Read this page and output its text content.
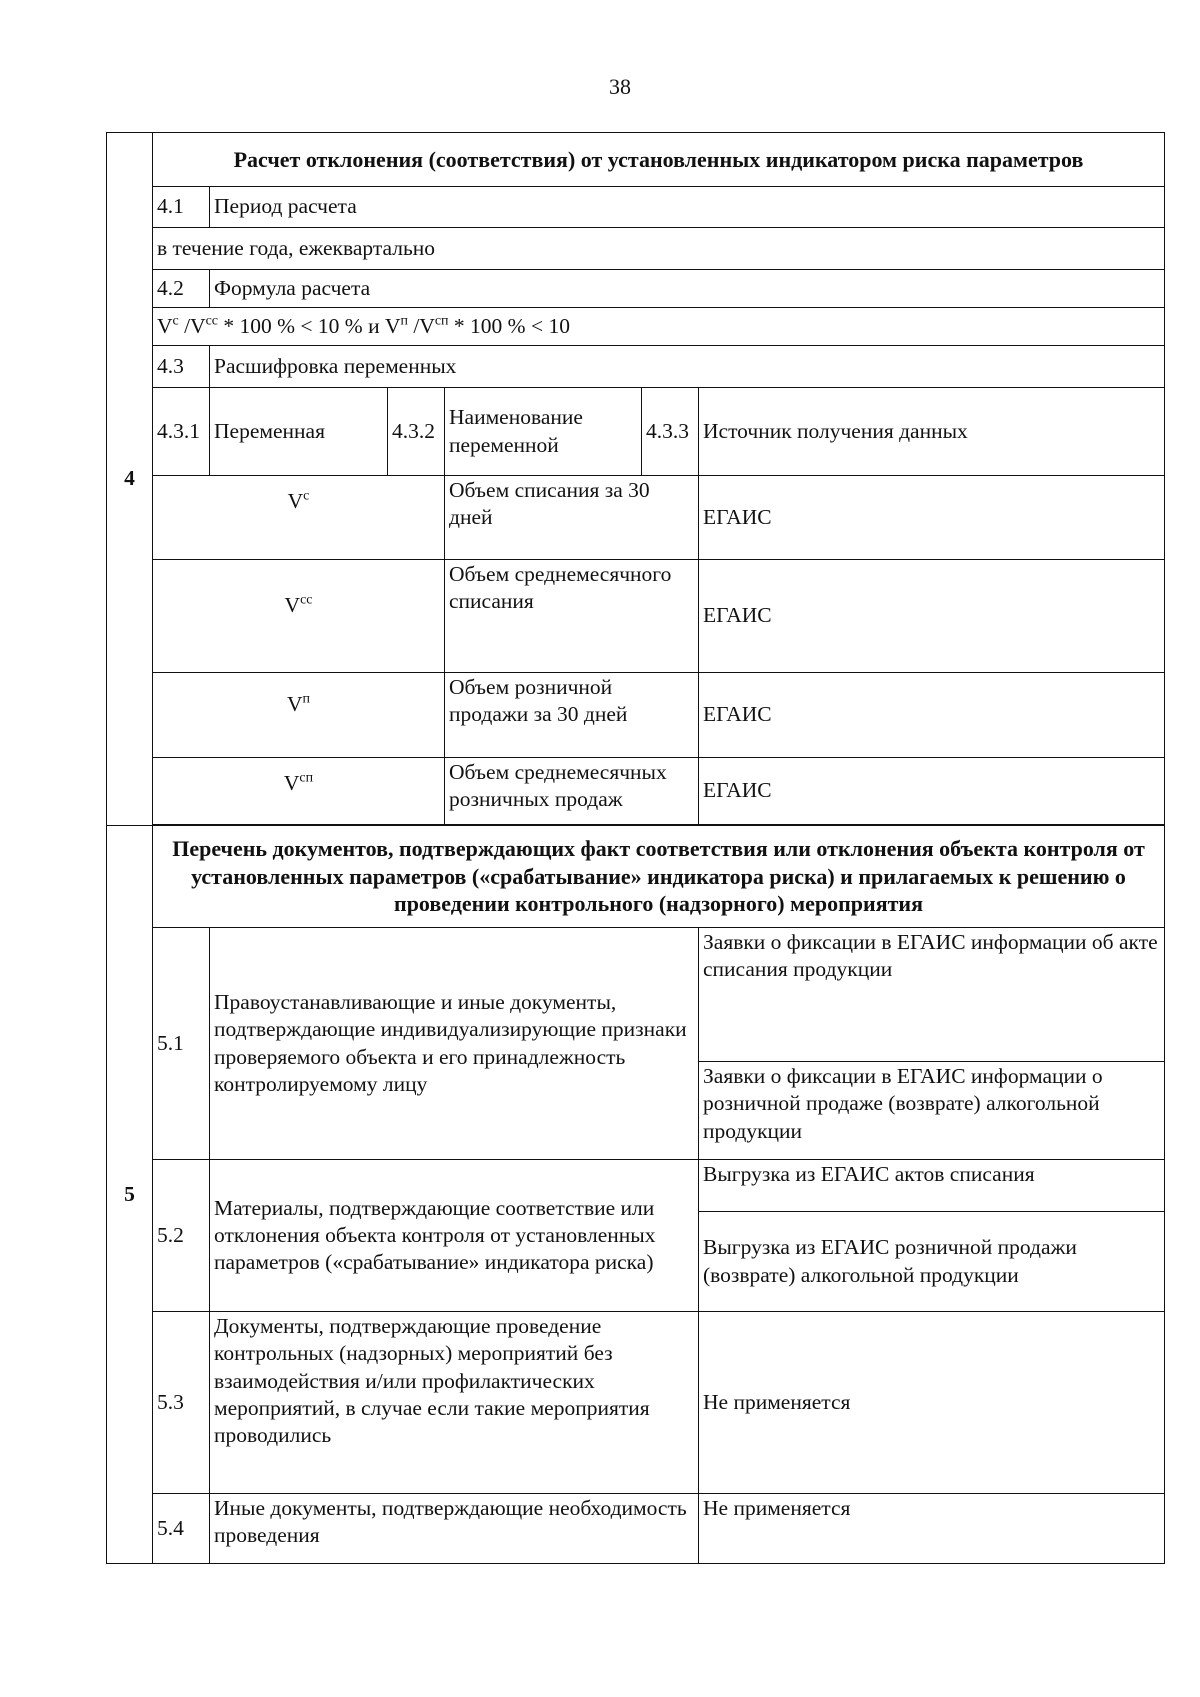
38
4	Расчет отклонения (соответствия) от установленных индикатором риска параметров					
	4.1	Период расчета				
	в течение года, ежеквартально					
	4.2	Формула расчета				
	$V^c$ $/V^{cc} * 100$ % < 10 % и $V^п$ $/V^{сп} * 100$ % < 10					
	4.3	Расшифровка переменных				
	4.3.1	Переменная	4.3.2	Наименование переменной	4.3.3	Источник получения данных
	$V^с$			Объем списания за 30 дней		ЕГАИС
	$V^{сс}$			Объем среднемесячного списания		ЕГАИС
	$V^п$			Объем розничной продажи за 30 дней		ЕГАИС
	$V^{сп}$			Объем среднемесячных розничных продаж		ЕГАИС

5	Перечень документов, подтверждающих факт соответствия или отклонения объекта контроля от установленных параметров («срабатывание» индикатора риска) и прилагаемых к решению о проведении контрольного (надзорного) мероприятия					
	5.1	Правоустанавливающие и иные документы, подтверждающие индивидуализирующие признаки проверяемого объекта и его принадлежность контролируемому лицу				Заявки о фиксации в ЕГАИС информации об акте списания продукции
						Заявки о фиксации в ЕГАИС информации о розничной продаже (возврате) алкогольной продукции
	5.2	Материалы, подтверждающие соответствие или отклонения объекта контроля от установленных параметров («срабатывание» индикатора риска)				Выгрузка из ЕГАИС актов списания
						Выгрузка из ЕГАИС розничной продажи (возврате) алкогольной продукции
	5.3	Документы, подтверждающие проведение контрольных (надзорных) мероприятий без взаимодействия и/или профилактических мероприятий, в случае если такие мероприятия проводились				Не применяется
	5.4	Иные документы, подтверждающие необходимость проведения				Не применяется
